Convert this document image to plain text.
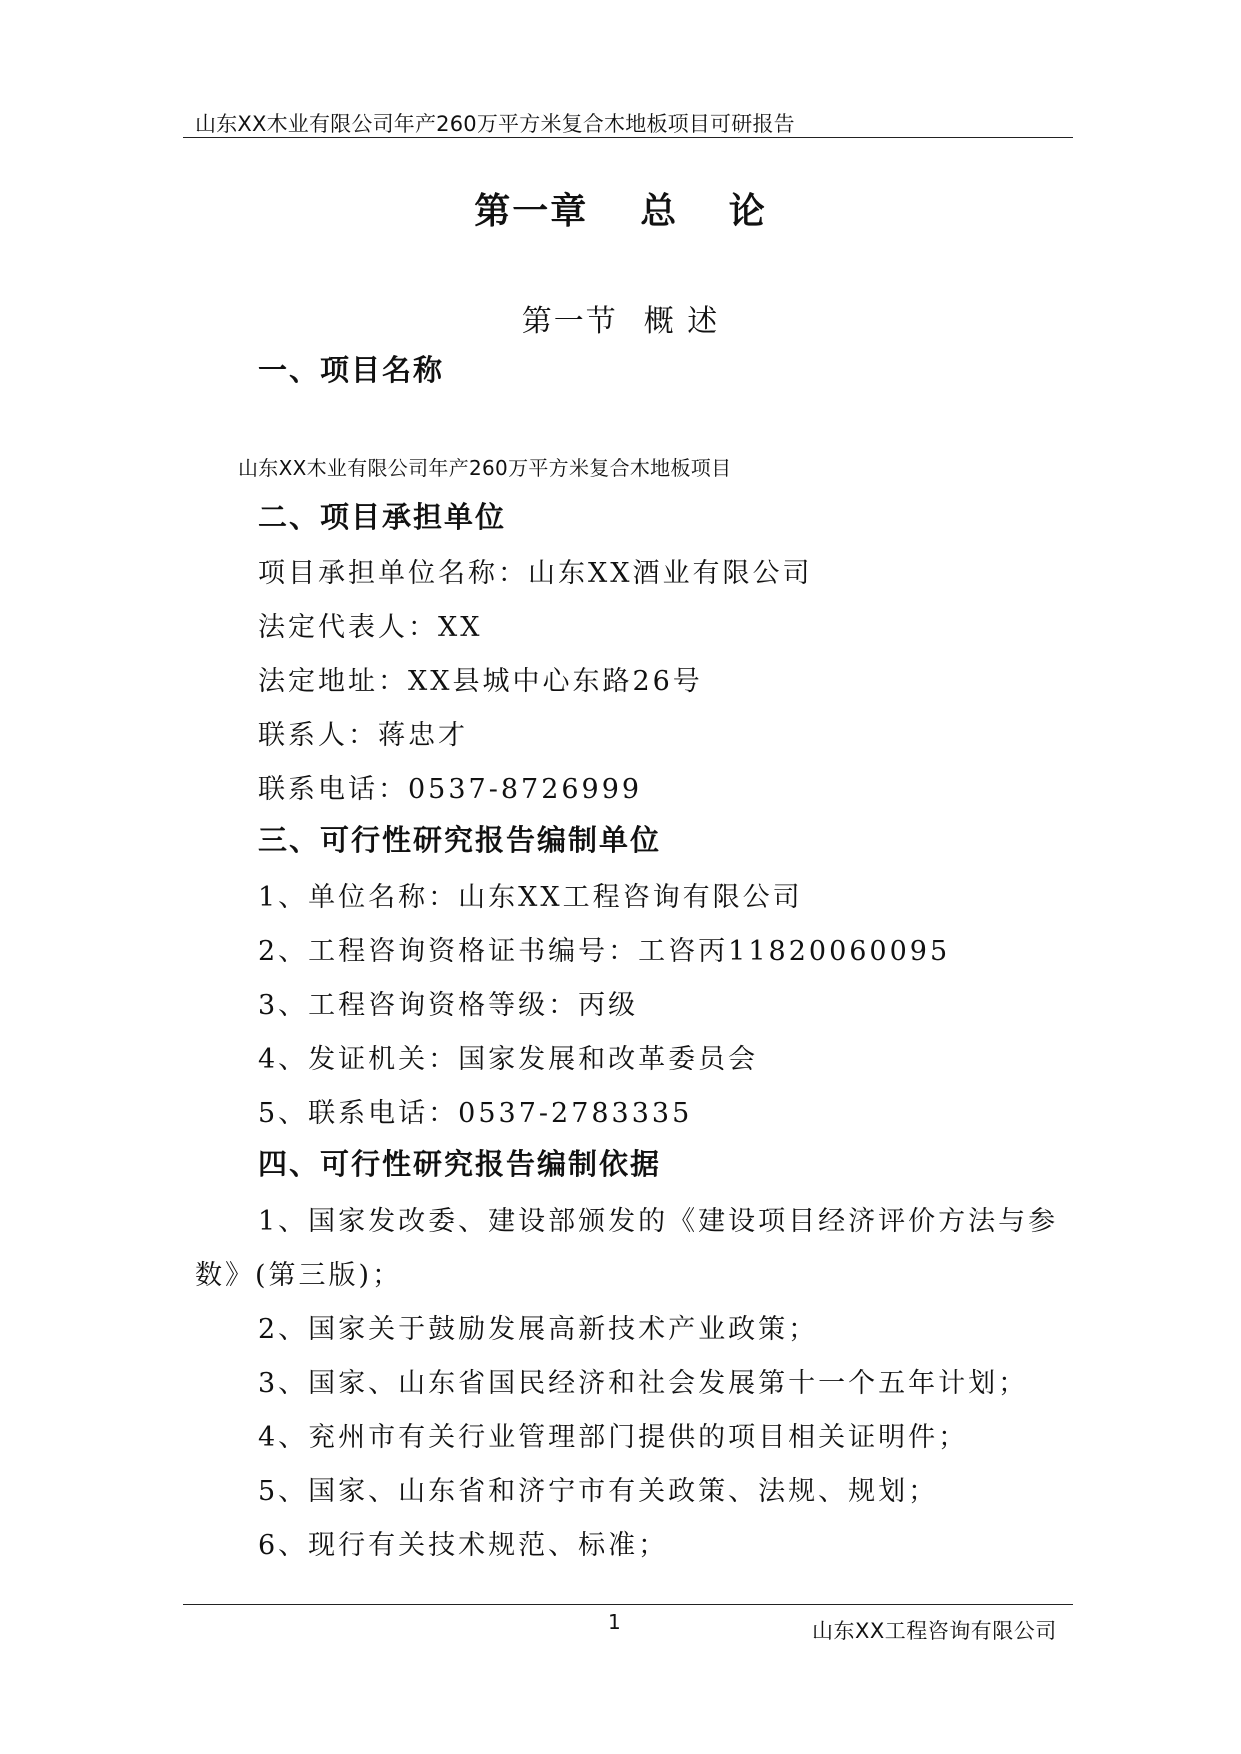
山东XX木业有限公司年产260万平方米复合木地板项目可研报告
第一章 总 论
第一节 概 述
一、项目名称
山东XX木业有限公司年产260万平方米复合木地板项目
二、项目承担单位
项目承担单位名称：山东XX酒业有限公司
法定代表人：XX
法定地址：XX县城中心东路26号
联系人：蒋忠才
联系电话：0537-8726999
三、可行性研究报告编制单位
1、单位名称：山东XX工程咨询有限公司
2、工程咨询资格证书编号：工咨丙11820060095
3、工程咨询资格等级：丙级
4、发证机关：国家发展和改革委员会
5、联系电话：0537-2783335
四、可行性研究报告编制依据
1、国家发改委、建设部颁发的《建设项目经济评价方法与参
数》(第三版)；
2、国家关于鼓励发展高新技术产业政策；
3、国家、山东省国民经济和社会发展第十一个五年计划；
4、兖州市有关行业管理部门提供的项目相关证明件；
5、国家、山东省和济宁市有关政策、法规、规划；
6、现行有关技术规范、标准；
1	山东XX工程咨询有限公司
